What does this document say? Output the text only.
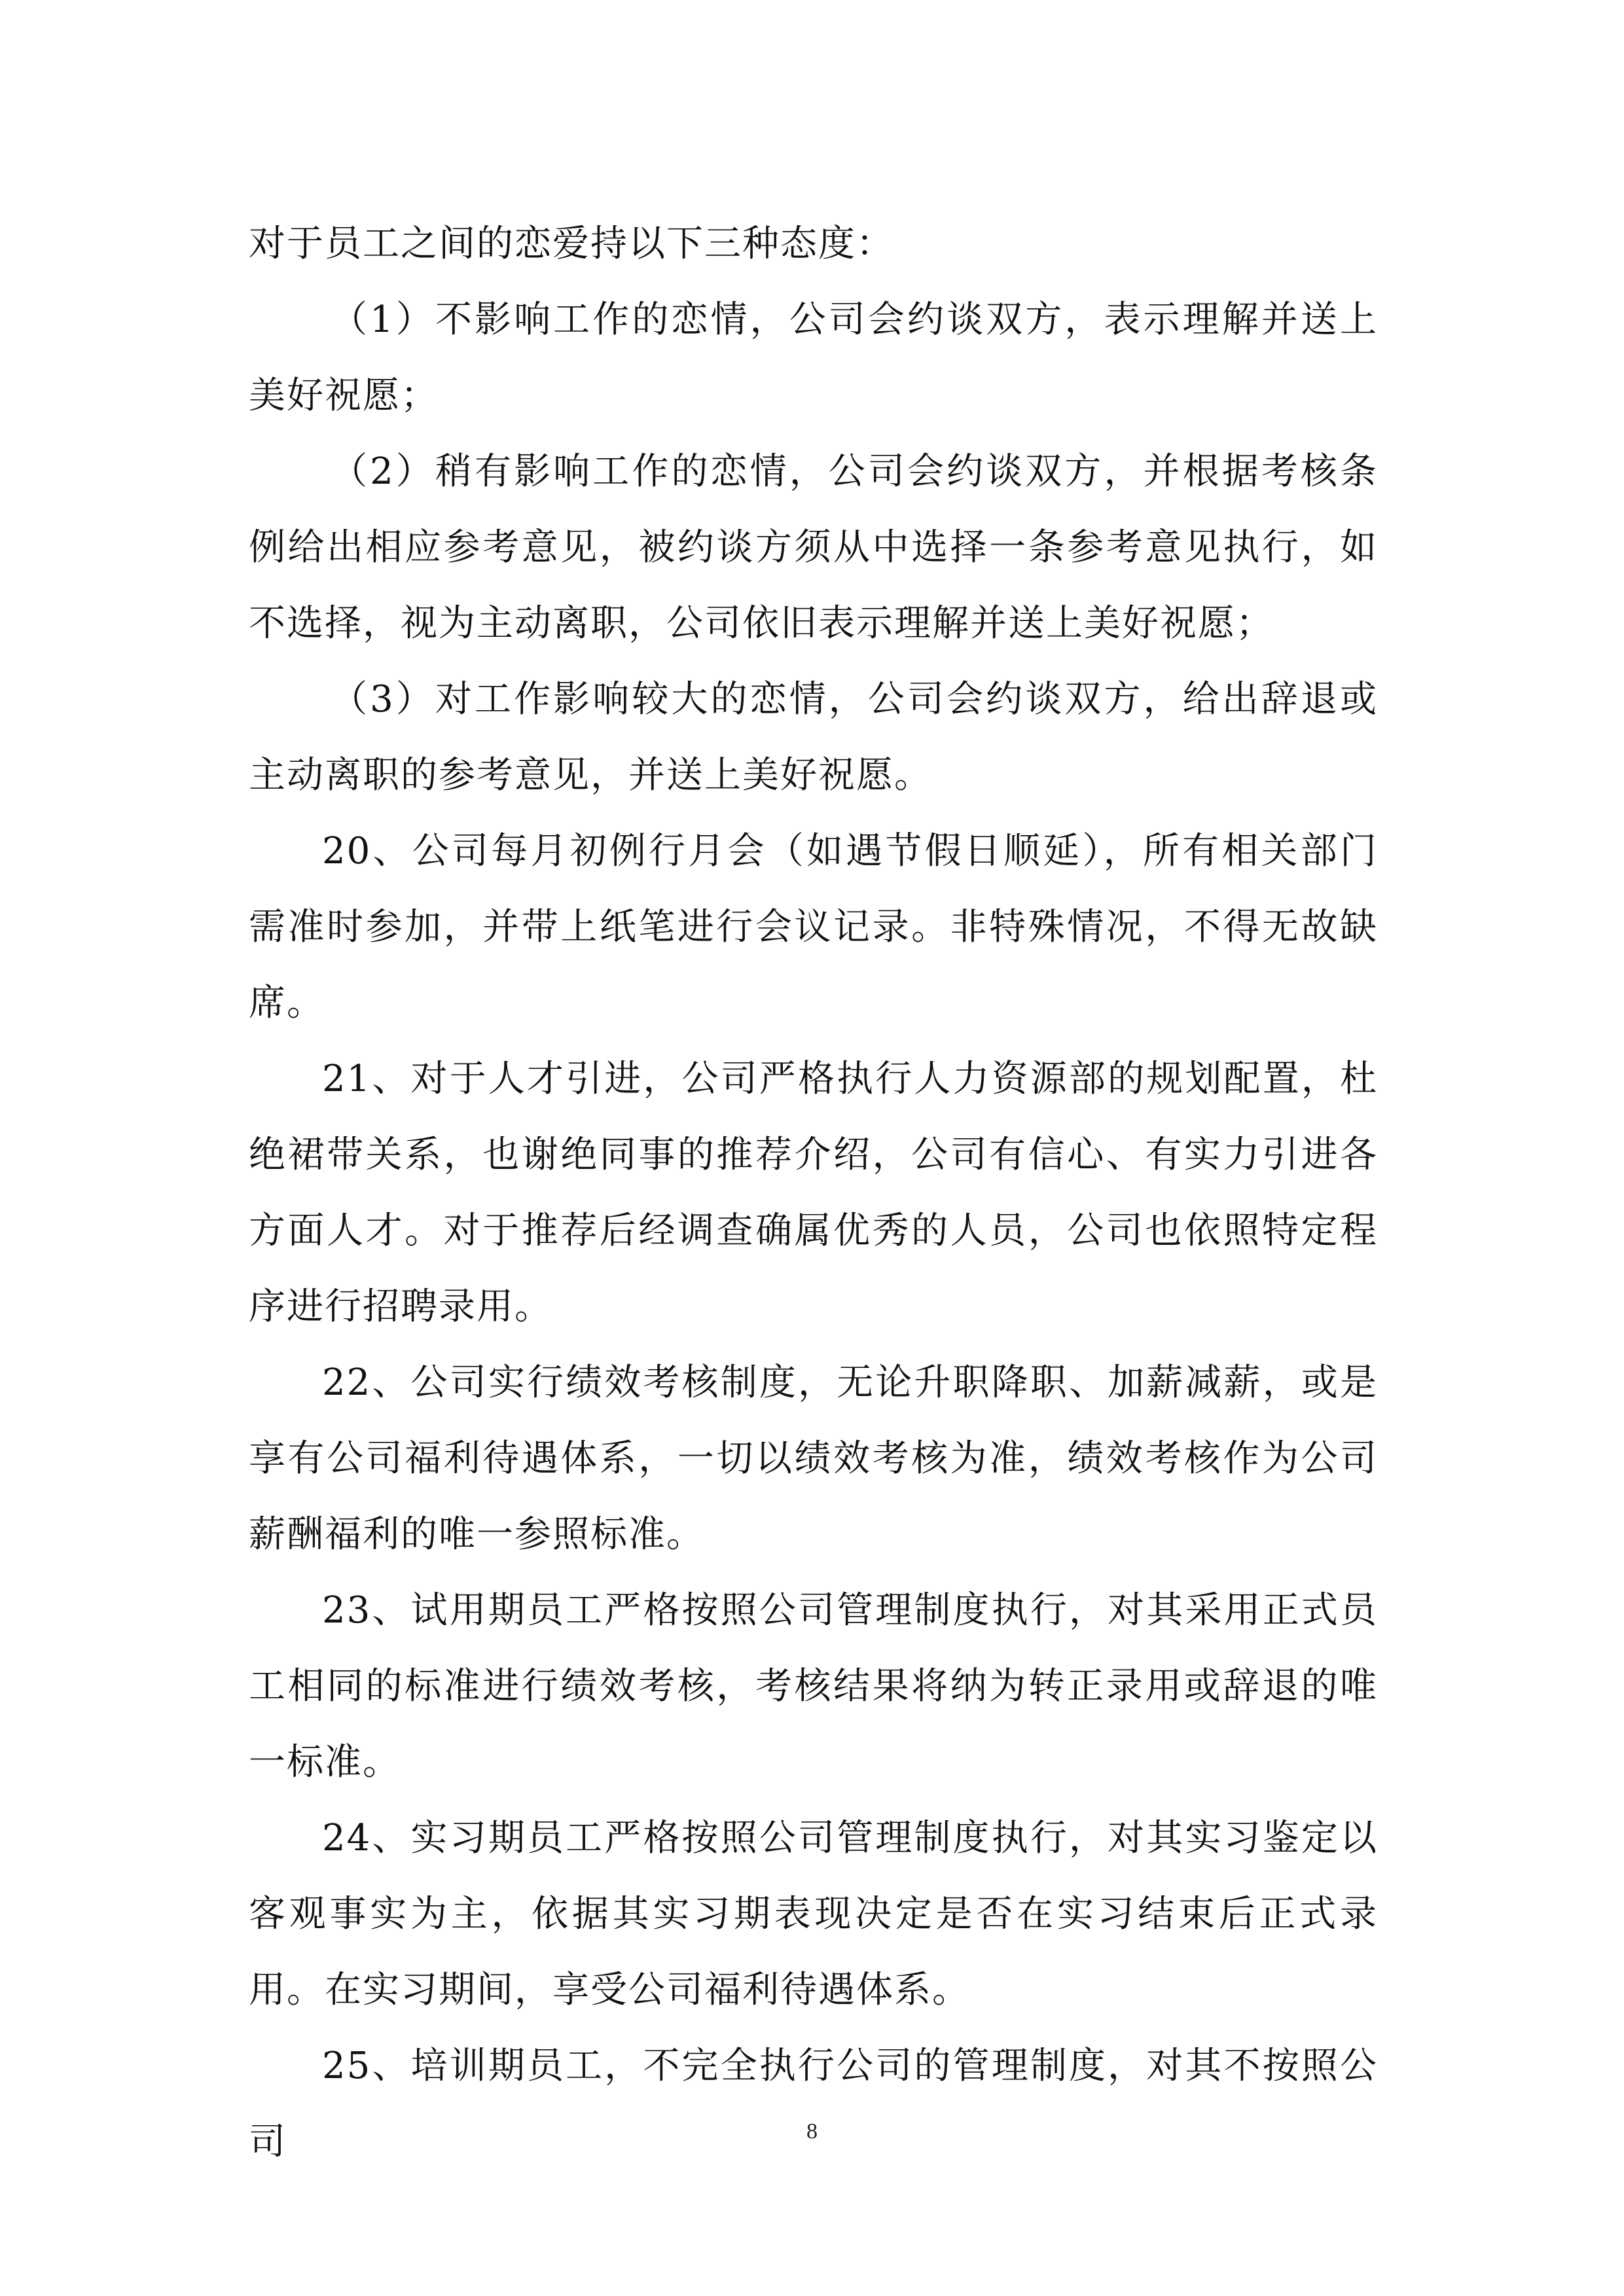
对于员工之间的恋爱持以下三种态度：

（1）不影响工作的恋情，公司会约谈双方，表示理解并送上美好祝愿；

（2）稍有影响工作的恋情，公司会约谈双方，并根据考核条例给出相应参考意见，被约谈方须从中选择一条参考意见执行，如不选择，视为主动离职，公司依旧表示理解并送上美好祝愿；

（3）对工作影响较大的恋情，公司会约谈双方，给出辞退或主动离职的参考意见，并送上美好祝愿。

20、公司每月初例行月会（如遇节假日顺延），所有相关部门需准时参加，并带上纸笔进行会议记录。非特殊情况，不得无故缺席。

21、对于人才引进，公司严格执行人力资源部的规划配置，杜绝裙带关系，也谢绝同事的推荐介绍，公司有信心、有实力引进各方面人才。对于推荐后经调查确属优秀的人员，公司也依照特定程序进行招聘录用。

22、公司实行绩效考核制度，无论升职降职、加薪减薪，或是享有公司福利待遇体系，一切以绩效考核为准，绩效考核作为公司薪酬福利的唯一参照标准。

23、试用期员工严格按照公司管理制度执行，对其采用正式员工相同的标准进行绩效考核，考核结果将纳为转正录用或辞退的唯一标准。

24、实习期员工严格按照公司管理制度执行，对其实习鉴定以客观事实为主，依据其实习期表现决定是否在实习结束后正式录用。在实习期间，享受公司福利待遇体系。

25、培训期员工，不完全执行公司的管理制度，对其不按照公司	8
